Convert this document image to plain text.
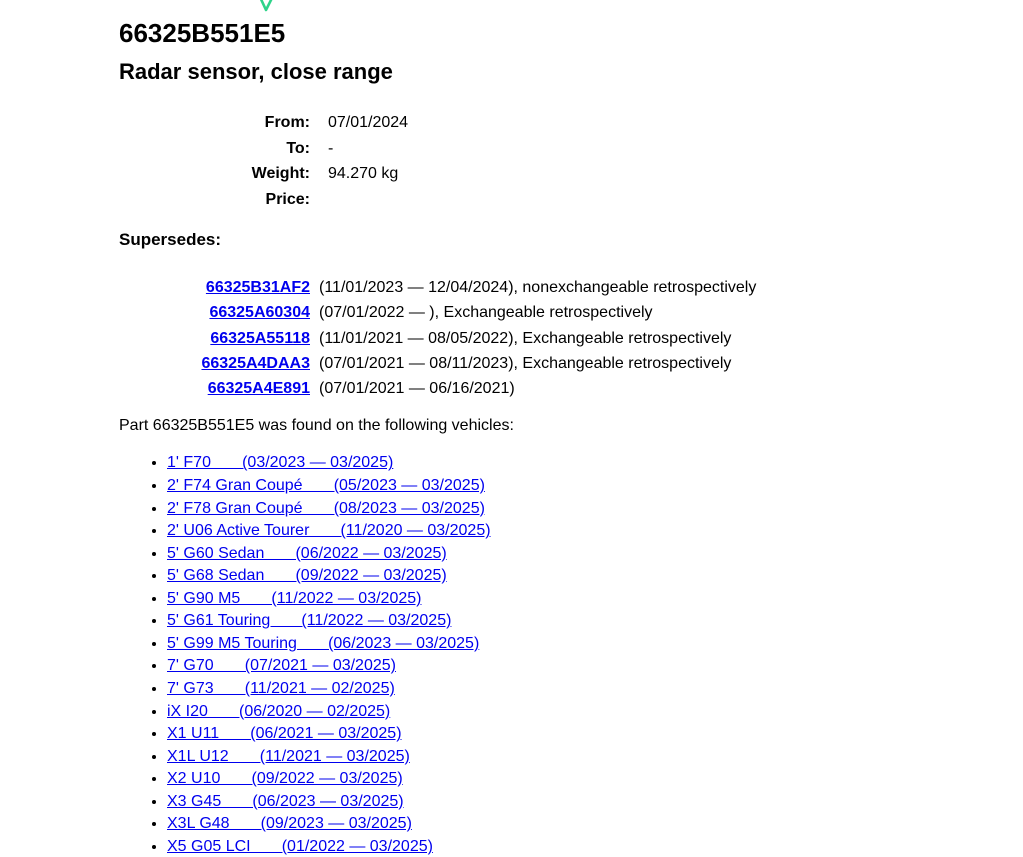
66325B551E5
Radar sensor, close range
From: 07/01/2024
To: -
Weight: 94.270 kg
Price:
Supersedes:
66325B31AF2 (11/01/2023 — 12/04/2024), nonexchangeable retrospectively
66325A60304 (07/01/2022 — ), Exchangeable retrospectively
66325A55118 (11/01/2021 — 08/05/2022), Exchangeable retrospectively
66325A4DAA3 (07/01/2021 — 08/11/2023), Exchangeable retrospectively
66325A4E891 (07/01/2021 — 06/16/2021)
Part 66325B551E5 was found on the following vehicles:
• 1' F70       (03/2023 — 03/2025)
• 2' F74 Gran Coupé       (05/2023 — 03/2025)
• 2' F78 Gran Coupé       (08/2023 — 03/2025)
• 2' U06 Active Tourer       (11/2020 — 03/2025)
• 5' G60 Sedan       (06/2022 — 03/2025)
• 5' G68 Sedan       (09/2022 — 03/2025)
• 5' G90 M5       (11/2022 — 03/2025)
• 5' G61 Touring       (11/2022 — 03/2025)
• 5' G99 M5 Touring       (06/2023 — 03/2025)
• 7' G70       (07/2021 — 03/2025)
• 7' G73       (11/2021 — 02/2025)
• iX I20       (06/2020 — 02/2025)
• X1 U11       (06/2021 — 03/2025)
• X1L U12       (11/2021 — 03/2025)
• X2 U10       (09/2022 — 03/2025)
• X3 G45       (06/2023 — 03/2025)
• X3L G48       (09/2023 — 03/2025)
• X5 G05 LCI       (01/2022 — 03/2025)
